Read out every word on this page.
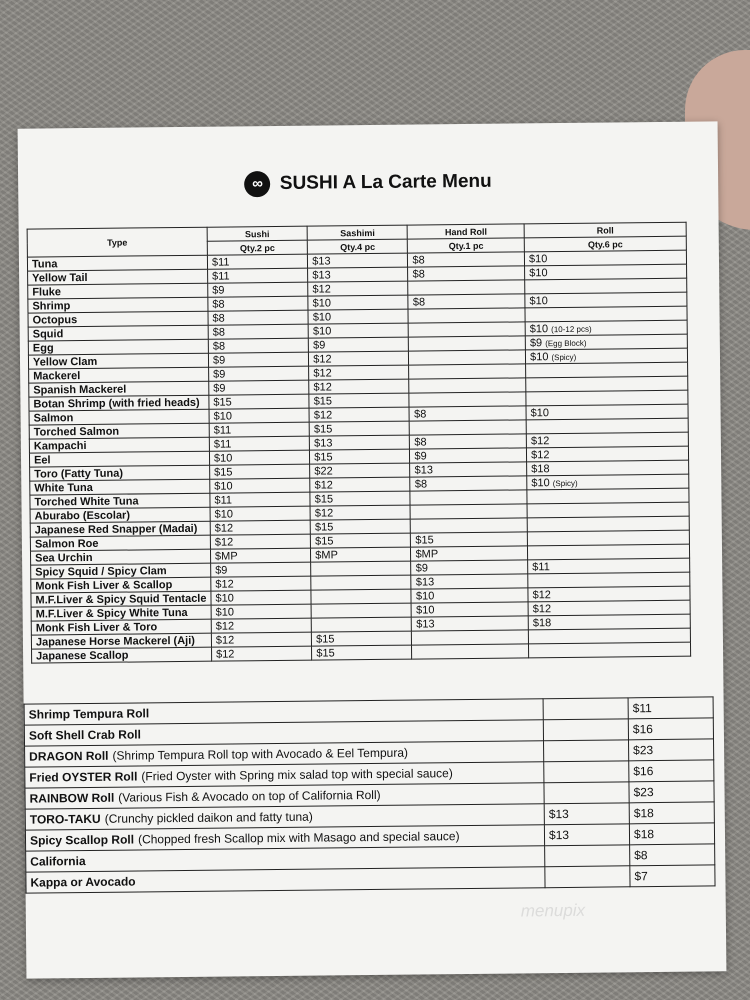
∞ SUSHI A La Carte Menu
Type	Sushi	Sashimi	Hand Roll	Roll
	Qty.2 pc	Qty.4 pc	Qty.1 pc	Qty.6 pc
Tuna	$11	$13	$8	$10
Yellow Tail	$11	$13	$8	$10
Fluke	$9	$12		
Shrimp	$8	$10	$8	$10
Octopus	$8	$10		
Squid	$8	$10		$10 (10-12 pcs)
Egg	$8	$9		$9 (Egg Block)
Yellow Clam	$9	$12		$10 (Spicy)
Mackerel	$9	$12		
Spanish Mackerel	$9	$12		
Botan Shrimp (with fried heads)	$15	$15		
Salmon	$10	$12	$8	$10
Torched Salmon	$11	$15		
Kampachi	$11	$13	$8	$12
Eel	$10	$15	$9	$12
Toro (Fatty Tuna)	$15	$22	$13	$18
White Tuna	$10	$12	$8	$10 (Spicy)
Torched White Tuna	$11	$15		
Aburabo (Escolar)	$10	$12		
Japanese Red Snapper (Madai)	$12	$15		
Salmon Roe	$12	$15	$15	
Sea Urchin	$MP	$MP	$MP	
Spicy Squid / Spicy Clam	$9		$9	$11
Monk Fish Liver & Scallop	$12		$13	
M.F.Liver & Spicy Squid Tentacle	$10		$10	$12
M.F.Liver & Spicy White Tuna	$10		$10	$12
Monk Fish Liver & Toro	$12		$13	$18
Japanese Horse Mackerel (Aji)	$12	$15		
Japanese Scallop	$12	$15		
Shrimp Tempura Roll		$11
Soft Shell Crab Roll		$16
DRAGON Roll (Shrimp Tempura Roll top with Avocado & Eel Tempura)		$23
Fried OYSTER Roll (Fried Oyster with Spring mix salad top with special sauce)		$16
RAINBOW Roll (Various Fish & Avocado on top of California Roll)		$23
TORO-TAKU (Crunchy pickled daikon and fatty tuna)	$13	$18
Spicy Scallop Roll (Chopped fresh Scallop mix with Masago and special sauce)	$13	$18
California		$8
Kappa or Avocado		$7
menupix
